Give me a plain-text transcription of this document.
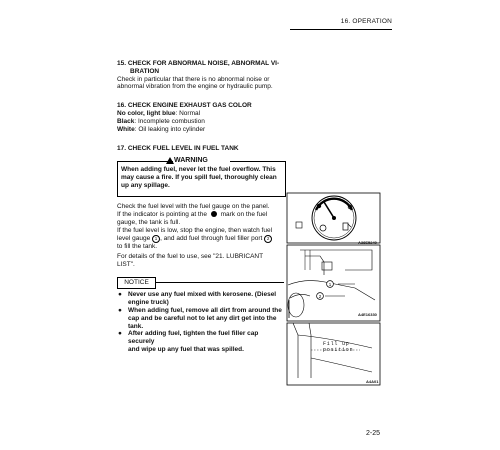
16. OPERATION
15. CHECK FOR ABNORMAL NOISE, ABNORMAL VI-
BRATION
Check in particular that there is no abnormal noise or
abnormal vibration from the engine or hydraulic pump.
16. CHECK ENGINE EXHAUST GAS COLOR
No color, light blue: Normal
Black: Incomplete combustion
White: Oil leaking into cylinder
17. CHECK FUEL LEVEL IN FUEL TANK
WARNING
When adding fuel, never let the fuel overflow. This
may cause a fire. If you spill fuel, thoroughly clean
up any spillage.
Check the fuel level with the fuel gauge on the panel.
If the indicator is pointing at the mark on the fuel
gauge, the tank is full.
If the fuel level is low, stop the engine, then watch fuel
level gauge 1 , and add fuel through fuel filler port 2
to fill the tank.
For details of the fuel to use, see "21. LUBRICANT
LIST".
NOTICE
● Never use any fuel mixed with kerosene. (Diesel
engine truck)
● When adding fuel, remove all dirt from around the
cap and be careful not to let any dirt get into the
tank.
● After adding fuel, tighten the fuel filler cap securely
and wipe up any fuel that was spilled.
1
2
A38E5240
A4E16330
A4A01
Fill up
position
2-25
